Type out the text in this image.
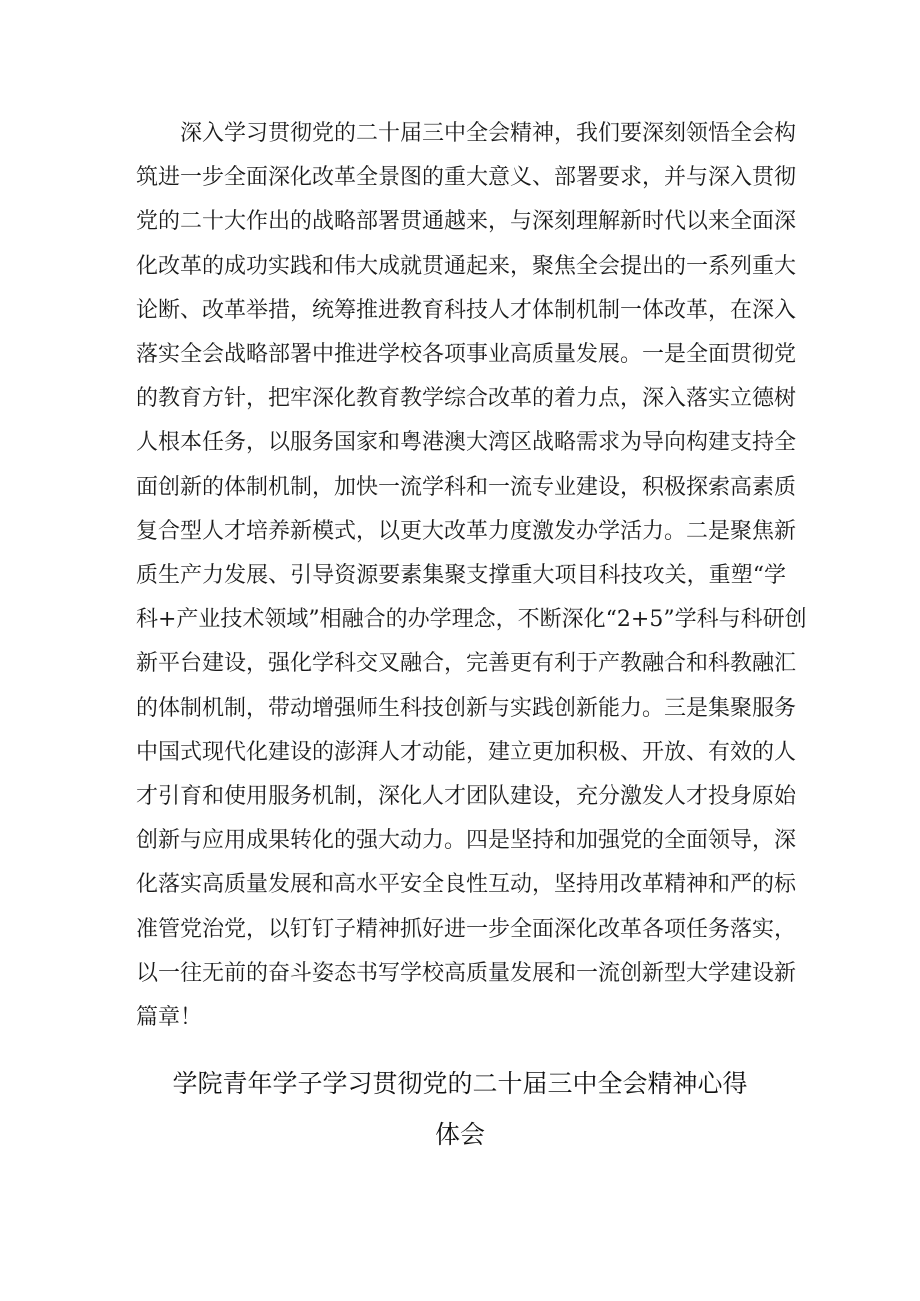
深入学习贯彻党的二十届三中全会精神，我们要深刻领悟全会构
筑进一步全面深化改革全景图的重大意义、部署要求，并与深入贯彻
党的二十大作出的战略部署贯通越来，与深刻理解新时代以来全面深
化改革的成功实践和伟大成就贯通起来，聚焦全会提出的一系列重大
论断、改革举措，统筹推进教育科技人才体制机制一体改革，在深入
落实全会战略部署中推进学校各项事业高质量发展。一是全面贯彻党
的教育方针，把牢深化教育教学综合改革的着力点，深入落实立德树
人根本任务，以服务国家和粤港澳大湾区战略需求为导向构建支持全
面创新的体制机制，加快一流学科和一流专业建设，积极探索高素质
复合型人才培养新模式，以更大改革力度激发办学活力。二是聚焦新
质生产力发展、引导资源要素集聚支撑重大项目科技攻关，重塑“学
科+产业技术领域”相融合的办学理念，不断深化“2+5”学科与科研创
新平台建设，强化学科交叉融合，完善更有利于产教融合和科教融汇
的体制机制，带动增强师生科技创新与实践创新能力。三是集聚服务
中国式现代化建设的澎湃人才动能，建立更加积极、开放、有效的人
才引育和使用服务机制，深化人才团队建设，充分激发人才投身原始
创新与应用成果转化的强大动力。四是坚持和加强党的全面领导，深
化落实高质量发展和高水平安全良性互动，坚持用改革精神和严的标
准管党治党，以钉钉子精神抓好进一步全面深化改革各项任务落实，
以一往无前的奋斗姿态书写学校高质量发展和一流创新型大学建设新
篇章！
学院青年学子学习贯彻党的二十届三中全会精神心得
体会
